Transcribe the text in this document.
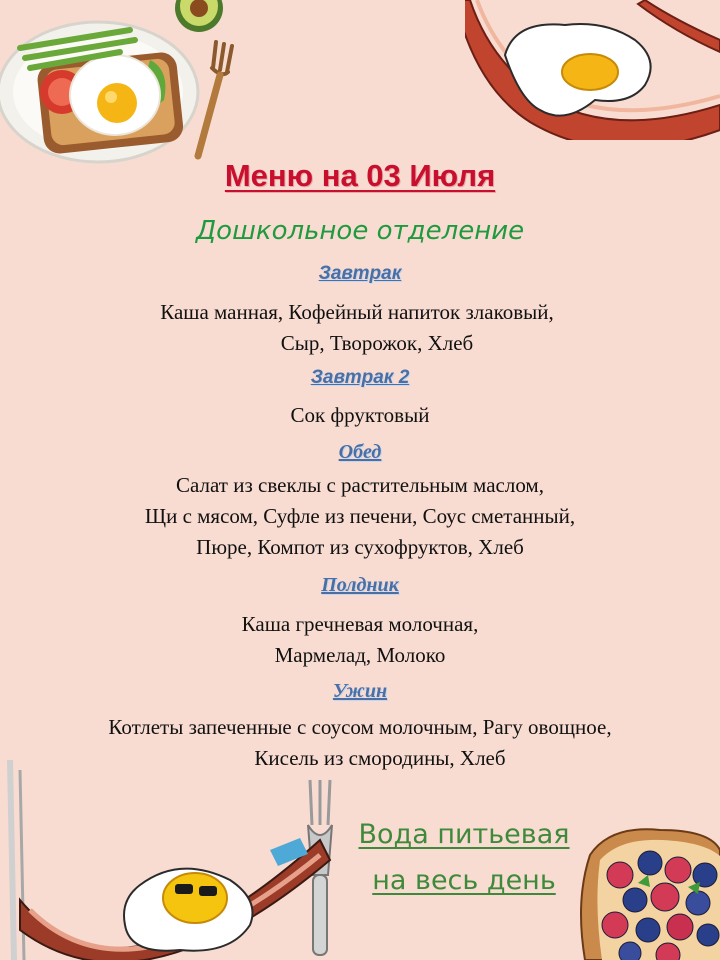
Меню на 03 Июля
Дошкольное отделение
Завтрак
Каша манная, Кофейный напиток злаковый,
Сыр, Творожок, Хлеб
Завтрак 2
Сок фруктовый
Обед
Салат из свеклы с растительным маслом,
Щи с мясом, Суфле из печени, Соус сметанный,
Пюре, Компот из сухофруктов, Хлеб
Полдник
Каша гречневая молочная,
Мармелад, Молоко
Ужин
Котлеты запеченные с соусом молочным, Рагу овощное,
Кисель из смородины, Хлеб
Вода питьевая
на весь день
